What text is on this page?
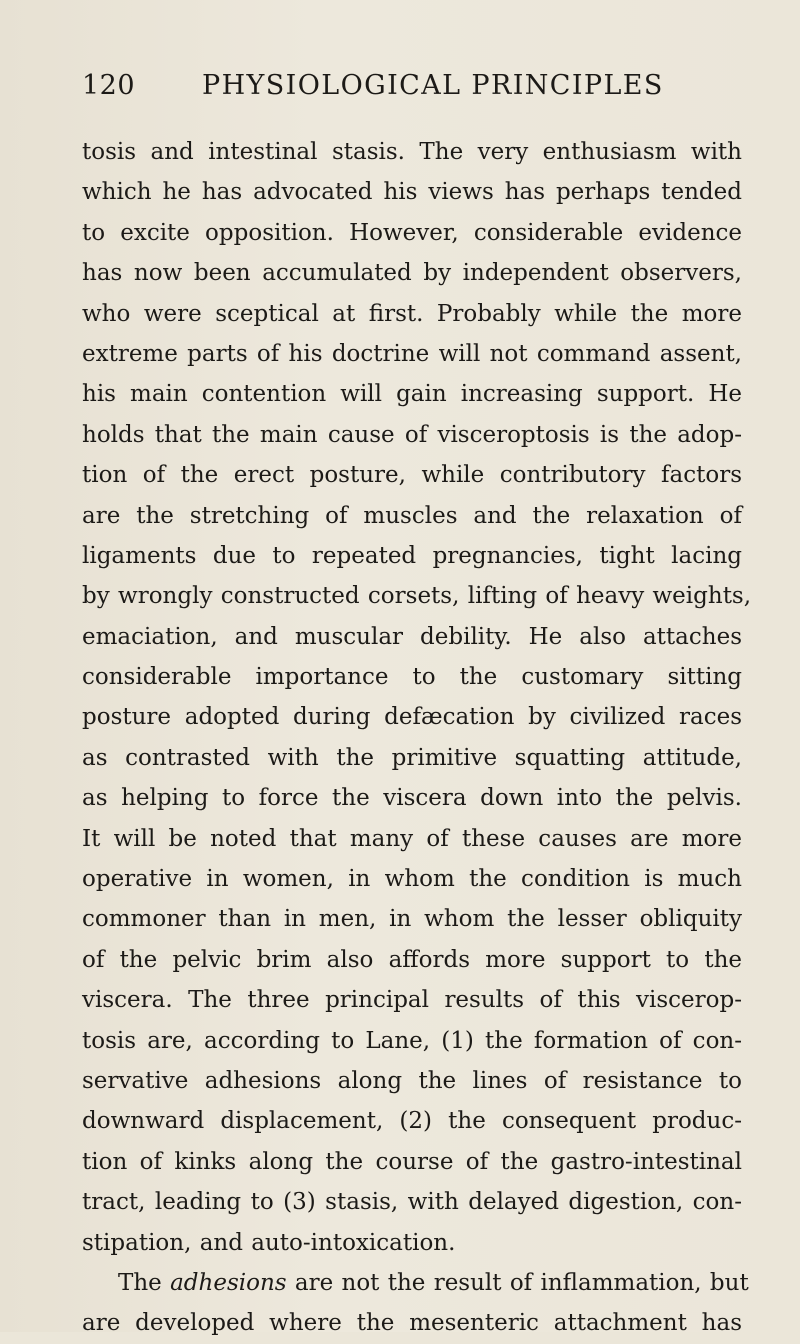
120 PHYSIOLOGICAL PRINCIPLES
tosis and intestinal stasis. The very enthusiasm with
which he has advocated his views has perhaps tended
to excite opposition. However, considerable evidence
has now been accumulated by independent observers,
who were sceptical at first. Probably while the more
extreme parts of his doctrine will not command assent,
his main contention will gain increasing support. He
holds that the main cause of visceroptosis is the adop-
tion of the erect posture, while contributory factors
are the stretching of muscles and the relaxation of
ligaments due to repeated pregnancies, tight lacing
by wrongly constructed corsets, lifting of heavy weights,
emaciation, and muscular debility. He also attaches
considerable importance to the customary sitting
posture adopted during defæcation by civilized races
as contrasted with the primitive squatting attitude,
as helping to force the viscera down into the pelvis.
It will be noted that many of these causes are more
operative in women, in whom the condition is much
commoner than in men, in whom the lesser obliquity
of the pelvic brim also affords more support to the
viscera. The three principal results of this viscerop-
tosis are, according to Lane, (1) the formation of con-
servative adhesions along the lines of resistance to
downward displacement, (2) the consequent produc-
tion of kinks along the course of the gastro-intestinal
tract, leading to (3) stasis, with delayed digestion, con-
stipation, and auto-intoxication.
The adhesions are not the result of inflammation, but
are developed where the mesenteric attachment has
